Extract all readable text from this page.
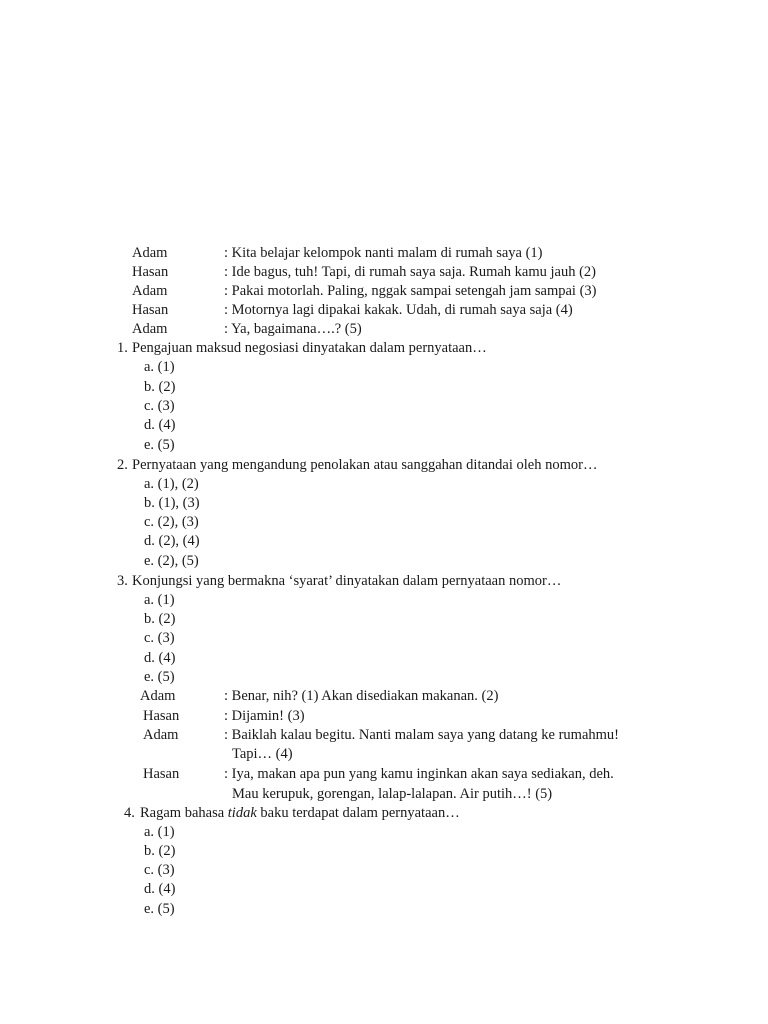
Adam	: Kita belajar kelompok nanti malam di rumah saya (1)
Hasan	: Ide bagus, tuh! Tapi, di rumah saya saja. Rumah kamu jauh (2)
Adam	: Pakai motorlah. Paling, nggak sampai setengah jam sampai (3)
Hasan	: Motornya lagi dipakai kakak. Udah, di rumah saya saja (4)
Adam	: Ya, bagaimana….? (5)
1. Pengajuan maksud negosiasi dinyatakan dalam pernyataan…
a. (1)
b. (2)
c. (3)
d. (4)
e. (5)
2. Pernyataan yang mengandung penolakan atau sanggahan ditandai oleh nomor…
a. (1), (2)
b. (1), (3)
c. (2), (3)
d. (2), (4)
e. (2), (5)
3. Konjungsi yang bermakna ‘syarat’ dinyatakan dalam pernyataan nomor…
a. (1)
b. (2)
c. (3)
d. (4)
e. (5)
Adam	: Benar, nih? (1) Akan disediakan makanan. (2)
Hasan	: Dijamin! (3)
Adam	: Baiklah kalau begitu. Nanti malam saya yang datang ke rumahmu!
Tapi… (4)
Hasan	: Iya, makan apa pun yang kamu inginkan akan saya sediakan, deh.
Mau kerupuk, gorengan, lalap-lalapan. Air putih…! (5)
4. Ragam bahasa tidak baku terdapat dalam pernyataan…
a. (1)
b. (2)
c. (3)
d. (4)
e. (5)
